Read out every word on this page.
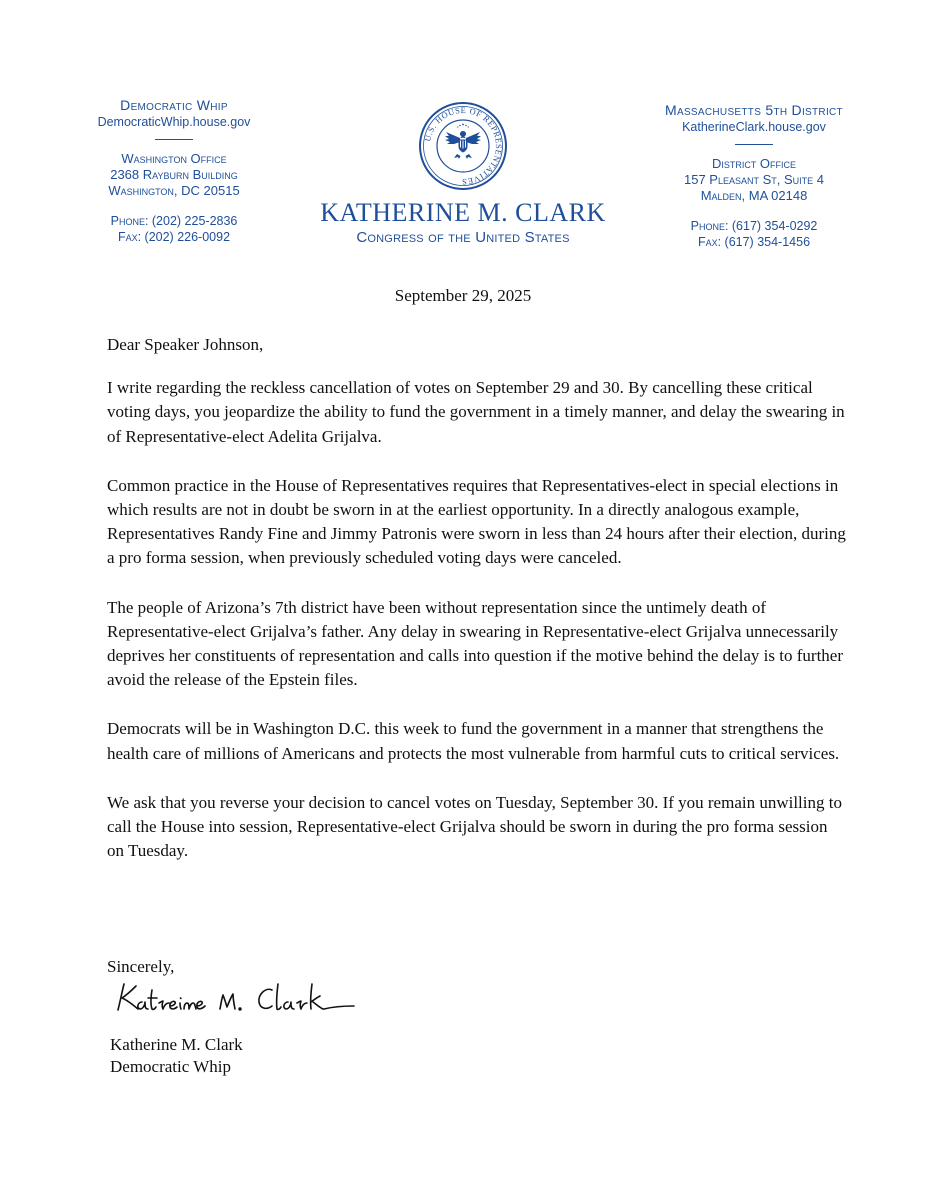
Democratic Whip
DemocraticWhip.house.gov
Washington Office
2368 Rayburn Building
Washington, DC 20515
Phone: (202) 225-2836
Fax: (202) 226-0092
U.S. HOUSE OF REPRESENTATIVES
KATHERINE M. CLARK
Congress of the United States
Massachusetts 5th District
KatherineClark.house.gov
District Office
157 Pleasant St, Suite 4
Malden, MA 02148
Phone: (617) 354-0292
Fax: (617) 354-1456
September 29, 2025

Dear Speaker Johnson,

I write regarding the reckless cancellation of votes on September 29 and 30. By cancelling these critical voting days, you jeopardize the ability to fund the government in a timely manner, and delay the swearing in of Representative-elect Adelita Grijalva.

Common practice in the House of Representatives requires that Representatives-elect in special elections in which results are not in doubt be sworn in at the earliest opportunity. In a directly analogous example, Representatives Randy Fine and Jimmy Patronis were sworn in less than 24 hours after their election, during a pro forma session, when previously scheduled voting days were canceled.

The people of Arizona’s 7th district have been without representation since the untimely death of Representative-elect Grijalva’s father. Any delay in swearing in Representative-elect Grijalva unnecessarily deprives her constituents of representation and calls into question if the motive behind the delay is to further avoid the release of the Epstein files.

Democrats will be in Washington D.C. this week to fund the government in a manner that strengthens the health care of millions of Americans and protects the most vulnerable from harmful cuts to critical services.

We ask that you reverse your decision to cancel votes on Tuesday, September 30. If you remain unwilling to call the House into session, Representative-elect Grijalva should be sworn in during the pro forma session on Tuesday.

Sincerely,
Katherine M. Clark
Democratic Whip
